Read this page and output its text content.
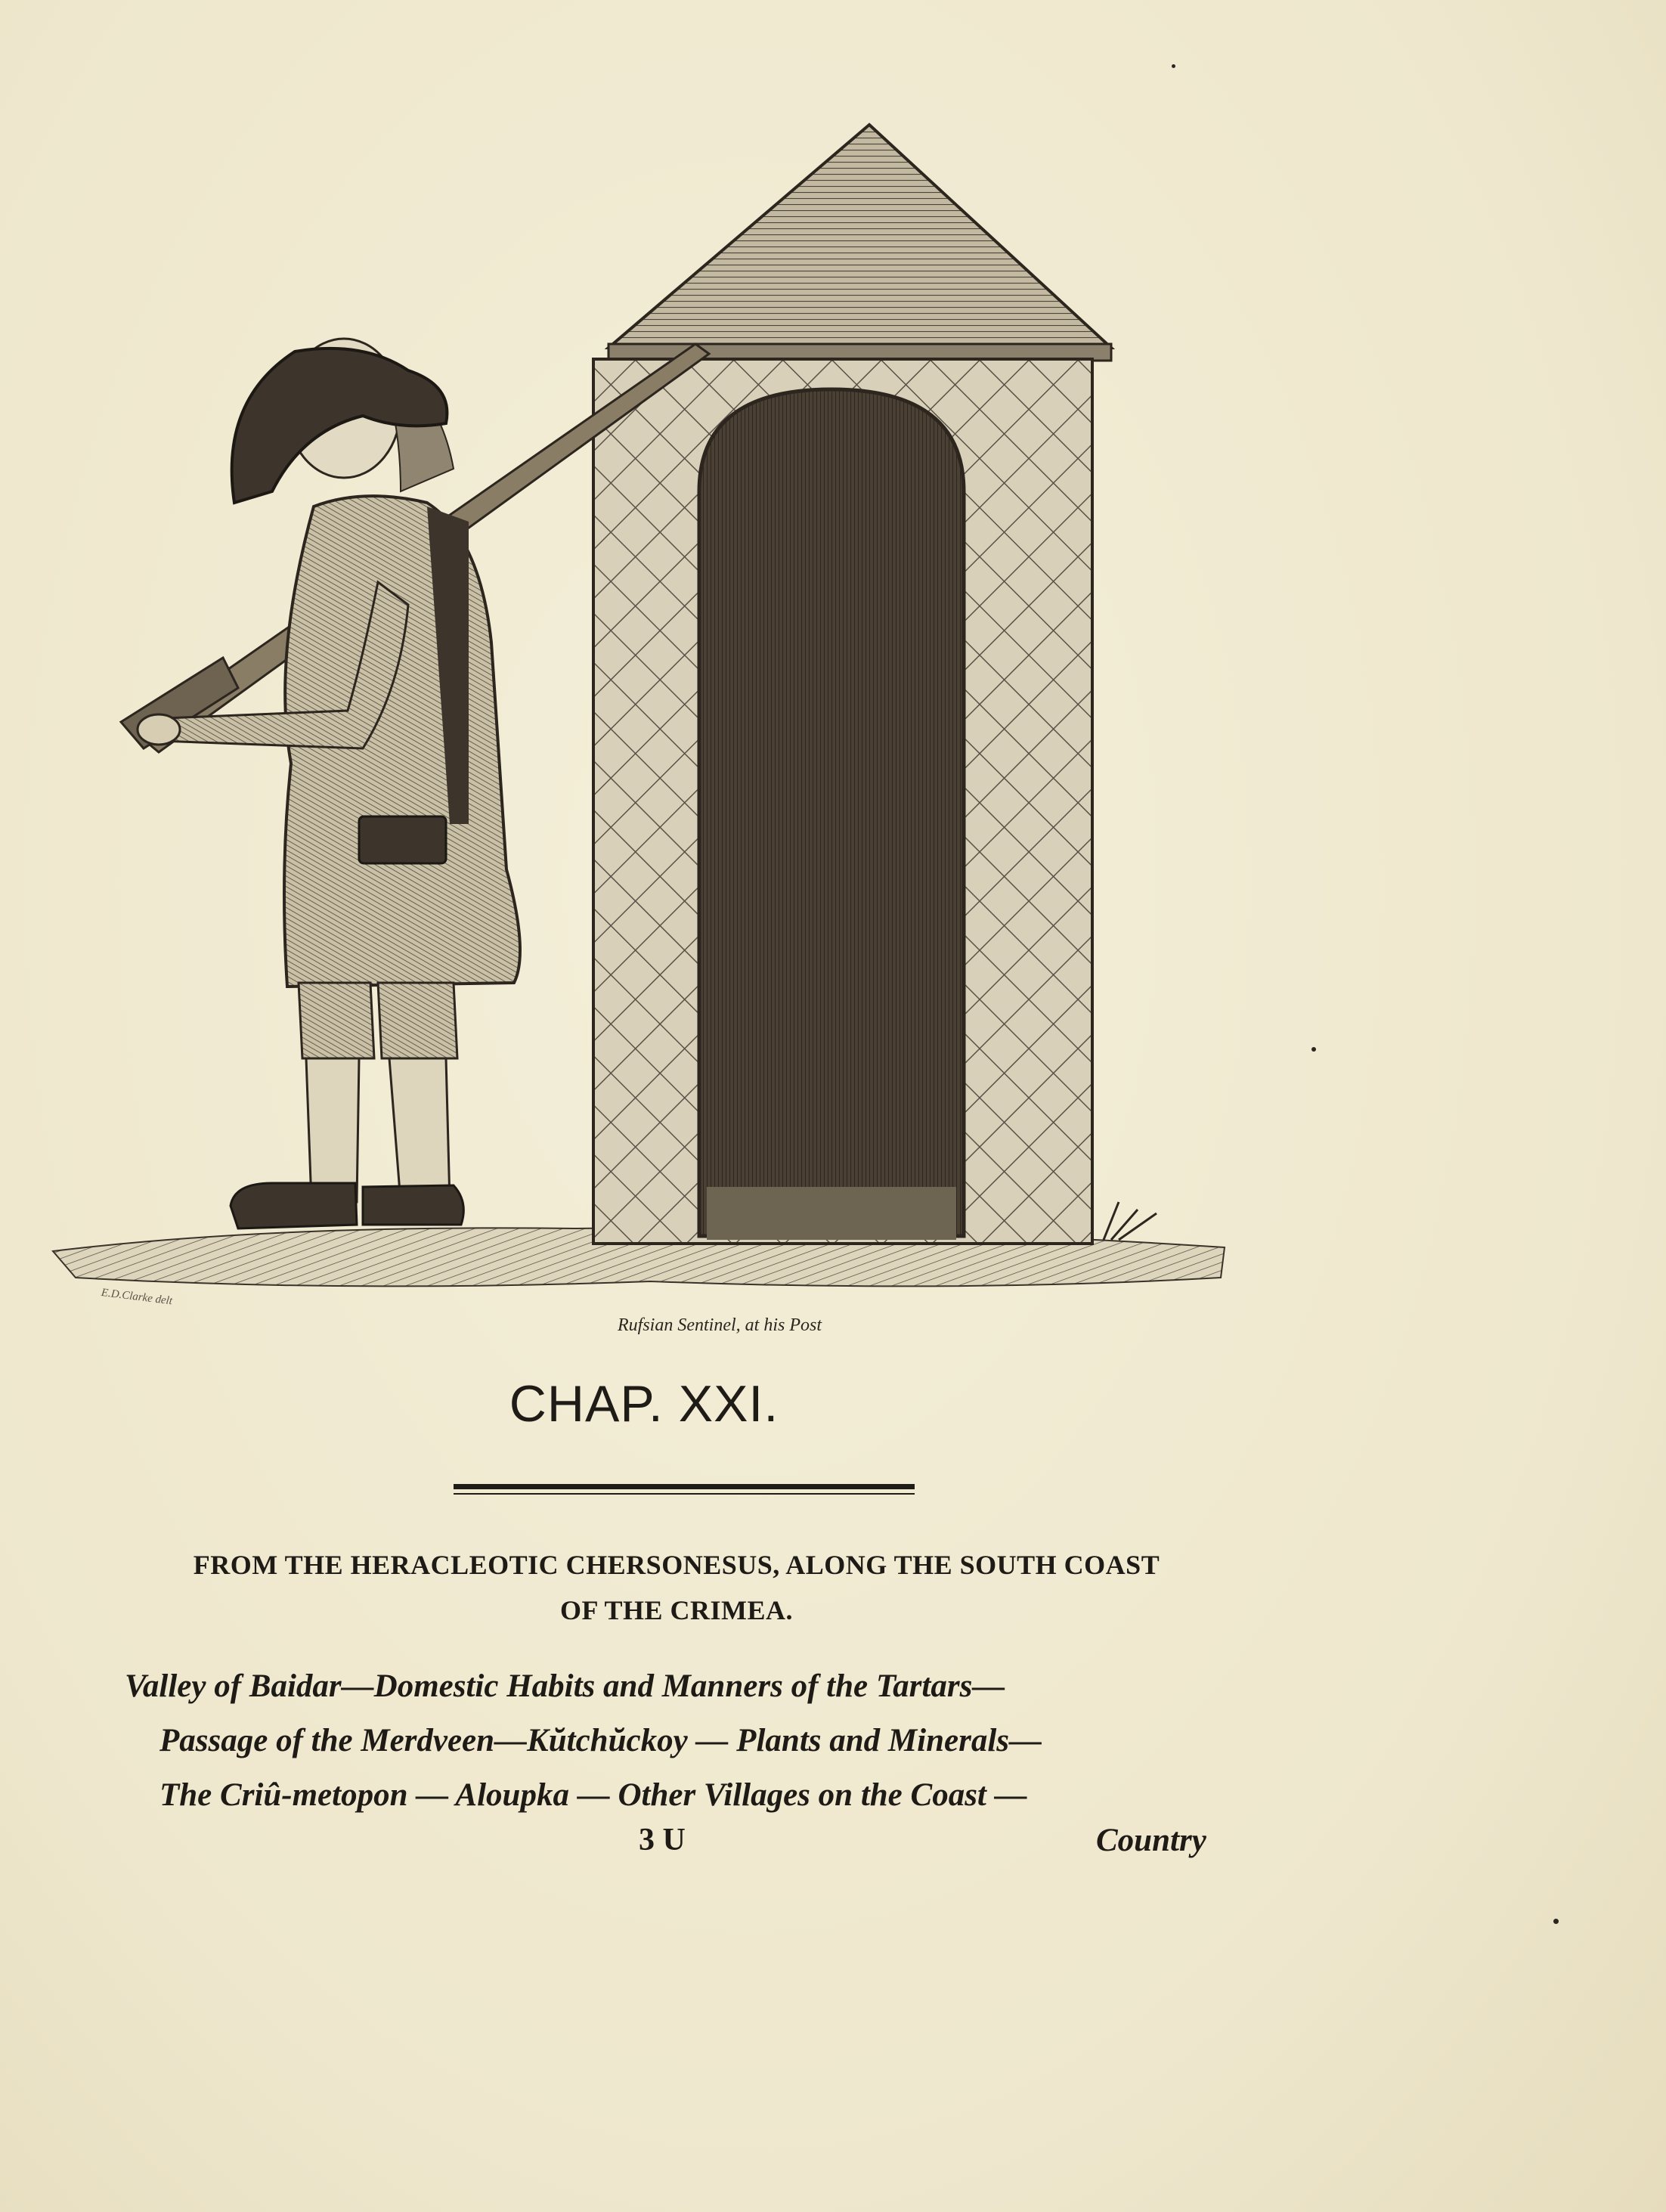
E.D.Clarke delt
Rufsian Sentinel, at his Post
CHAP. XXI.
FROM THE HERACLEOTIC CHERSONESUS, ALONG THE SOUTH COAST
OF THE CRIMEA.
Valley of Baidar—Domestic Habits and Manners of the Tartars—
Passage of the Merdveen—Kŭtchŭckoy — Plants and Minerals—
The Criû-metopon — Aloupka — Other Villages on the Coast —
3 U	Country
